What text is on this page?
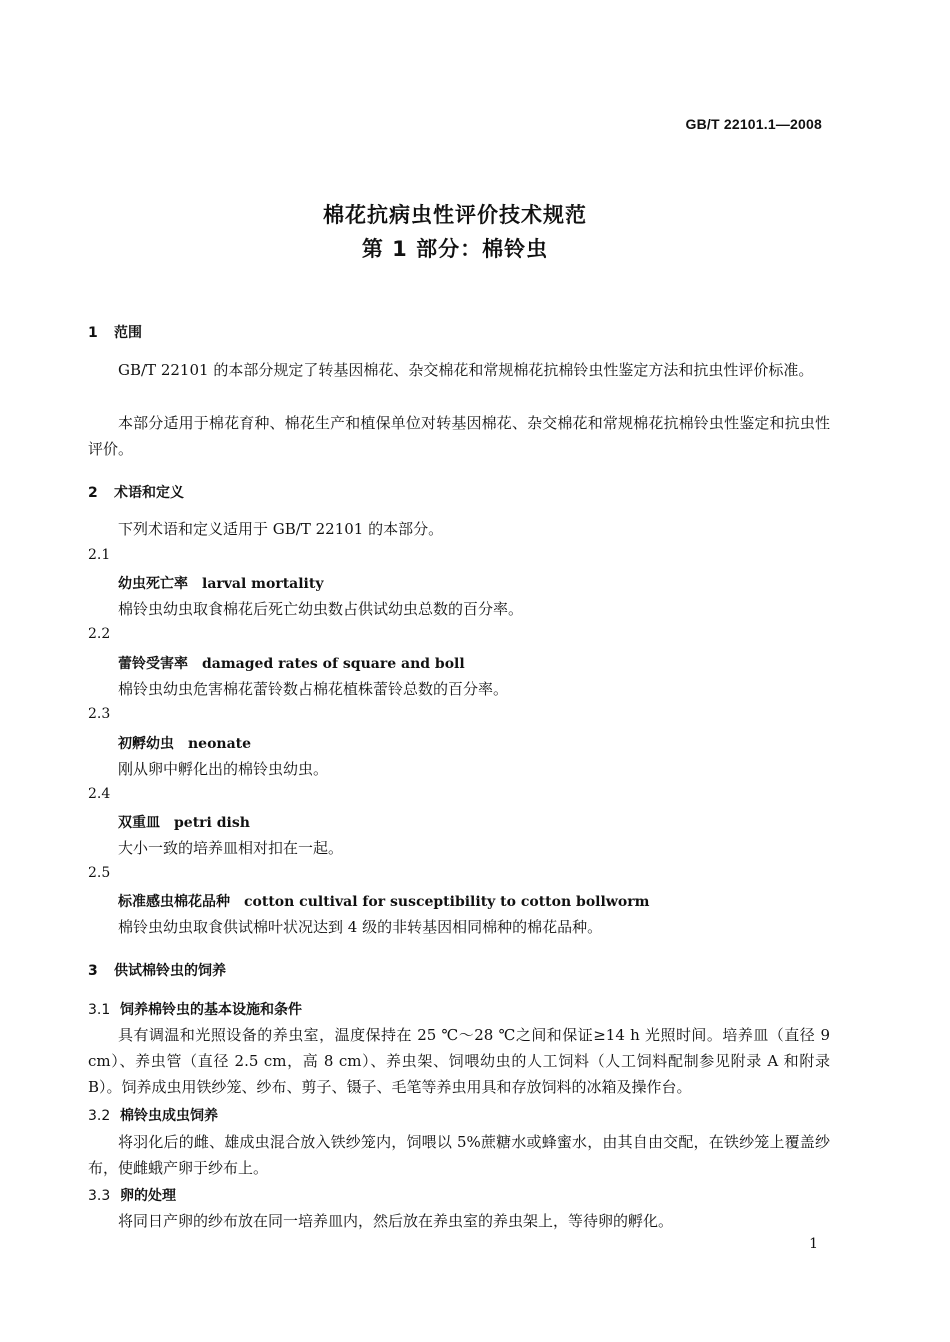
GB/T 22101.1—2008
棉花抗病虫性评价技术规范
第 1 部分：棉铃虫
1 范围
GB/T 22101 的本部分规定了转基因棉花、杂交棉花和常规棉花抗棉铃虫性鉴定方法和抗虫性评价标准。
本部分适用于棉花育种、棉花生产和植保单位对转基因棉花、杂交棉花和常规棉花抗棉铃虫性鉴定和抗虫性评价。
2 术语和定义
下列术语和定义适用于 GB/T 22101 的本部分。
2.1
幼虫死亡率 larval mortality
棉铃虫幼虫取食棉花后死亡幼虫数占供试幼虫总数的百分率。
2.2
蕾铃受害率 damaged rates of square and boll
棉铃虫幼虫危害棉花蕾铃数占棉花植株蕾铃总数的百分率。
2.3
初孵幼虫 neonate
刚从卵中孵化出的棉铃虫幼虫。
2.4
双重皿 petri dish
大小一致的培养皿相对扣在一起。
2.5
标准感虫棉花品种 cotton cultival for susceptibility to cotton bollworm
棉铃虫幼虫取食供试棉叶状况达到 4 级的非转基因相同棉种的棉花品种。
3 供试棉铃虫的饲养
3.1 饲养棉铃虫的基本设施和条件
具有调温和光照设备的养虫室，温度保持在 25 ℃～28 ℃之间和保证≥14 h 光照时间。培养皿（直径 9 cm）、养虫管（直径 2.5 cm，高 8 cm）、养虫架、饲喂幼虫的人工饲料（人工饲料配制参见附录 A 和附录 B）。饲养成虫用铁纱笼、纱布、剪子、镊子、毛笔等养虫用具和存放饲料的冰箱及操作台。
3.2 棉铃虫成虫饲养
将羽化后的雌、雄成虫混合放入铁纱笼内，饲喂以 5%蔗糖水或蜂蜜水，由其自由交配，在铁纱笼上覆盖纱布，使雌蛾产卵于纱布上。
3.3 卵的处理
将同日产卵的纱布放在同一培养皿内，然后放在养虫室的养虫架上，等待卵的孵化。
1
